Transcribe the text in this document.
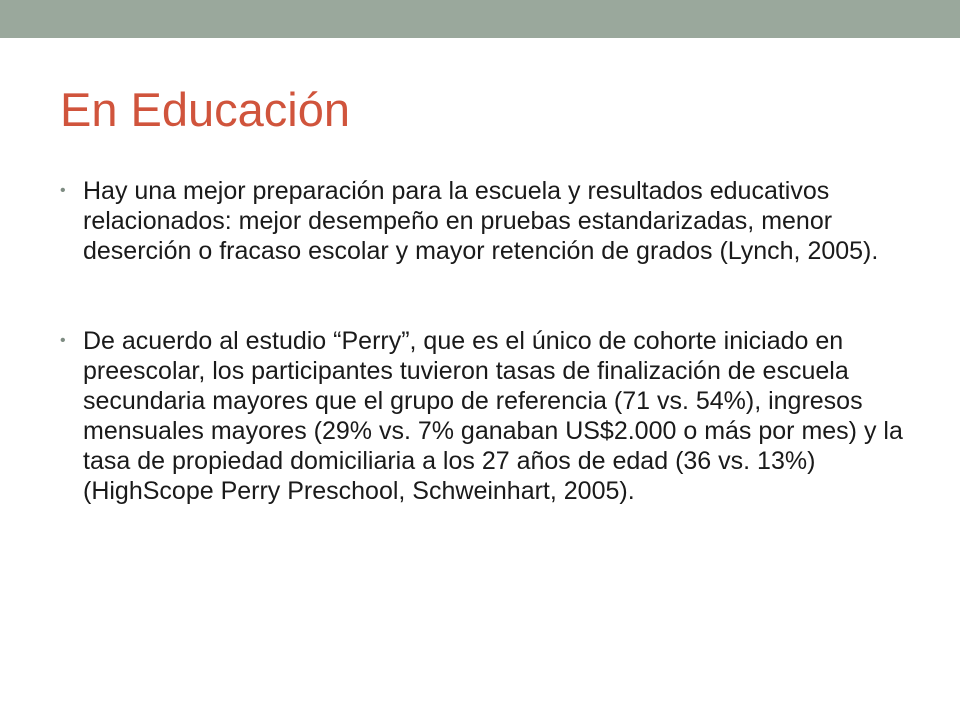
En Educación
• Hay una mejor preparación para la escuela y resultados educativos relacionados: mejor desempeño en pruebas estandarizadas, menor deserción o fracaso escolar y mayor retención de grados (Lynch, 2005).
• De acuerdo al estudio “Perry”, que es el único de cohorte iniciado en preescolar, los participantes tuvieron tasas de finalización de escuela secundaria mayores que el grupo de referencia (71 vs. 54%), ingresos mensuales mayores (29% vs. 7% ganaban US$2.000 o más por mes) y la tasa de propiedad domiciliaria a los 27 años de edad (36 vs. 13%) (HighScope Perry Preschool, Schweinhart, 2005).
